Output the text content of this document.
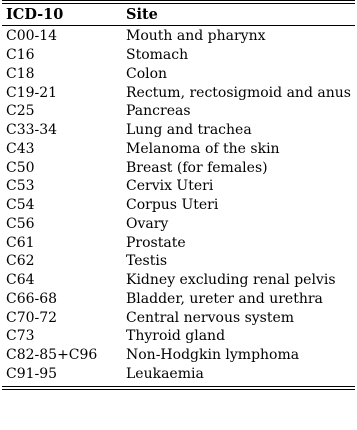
ICD-10	Site
C00-14	Mouth and pharynx
C16	Stomach
C18	Colon
C19-21	Rectum, rectosigmoid and anus
C25	Pancreas
C33-34	Lung and trachea
C43	Melanoma of the skin
C50	Breast (for females)
C53	Cervix Uteri
C54	Corpus Uteri
C56	Ovary
C61	Prostate
C62	Testis
C64	Kidney excluding renal pelvis
C66-68	Bladder, ureter and urethra
C70-72	Central nervous system
C73	Thyroid gland
C82-85+C96	Non-Hodgkin lymphoma
C91-95	Leukaemia
